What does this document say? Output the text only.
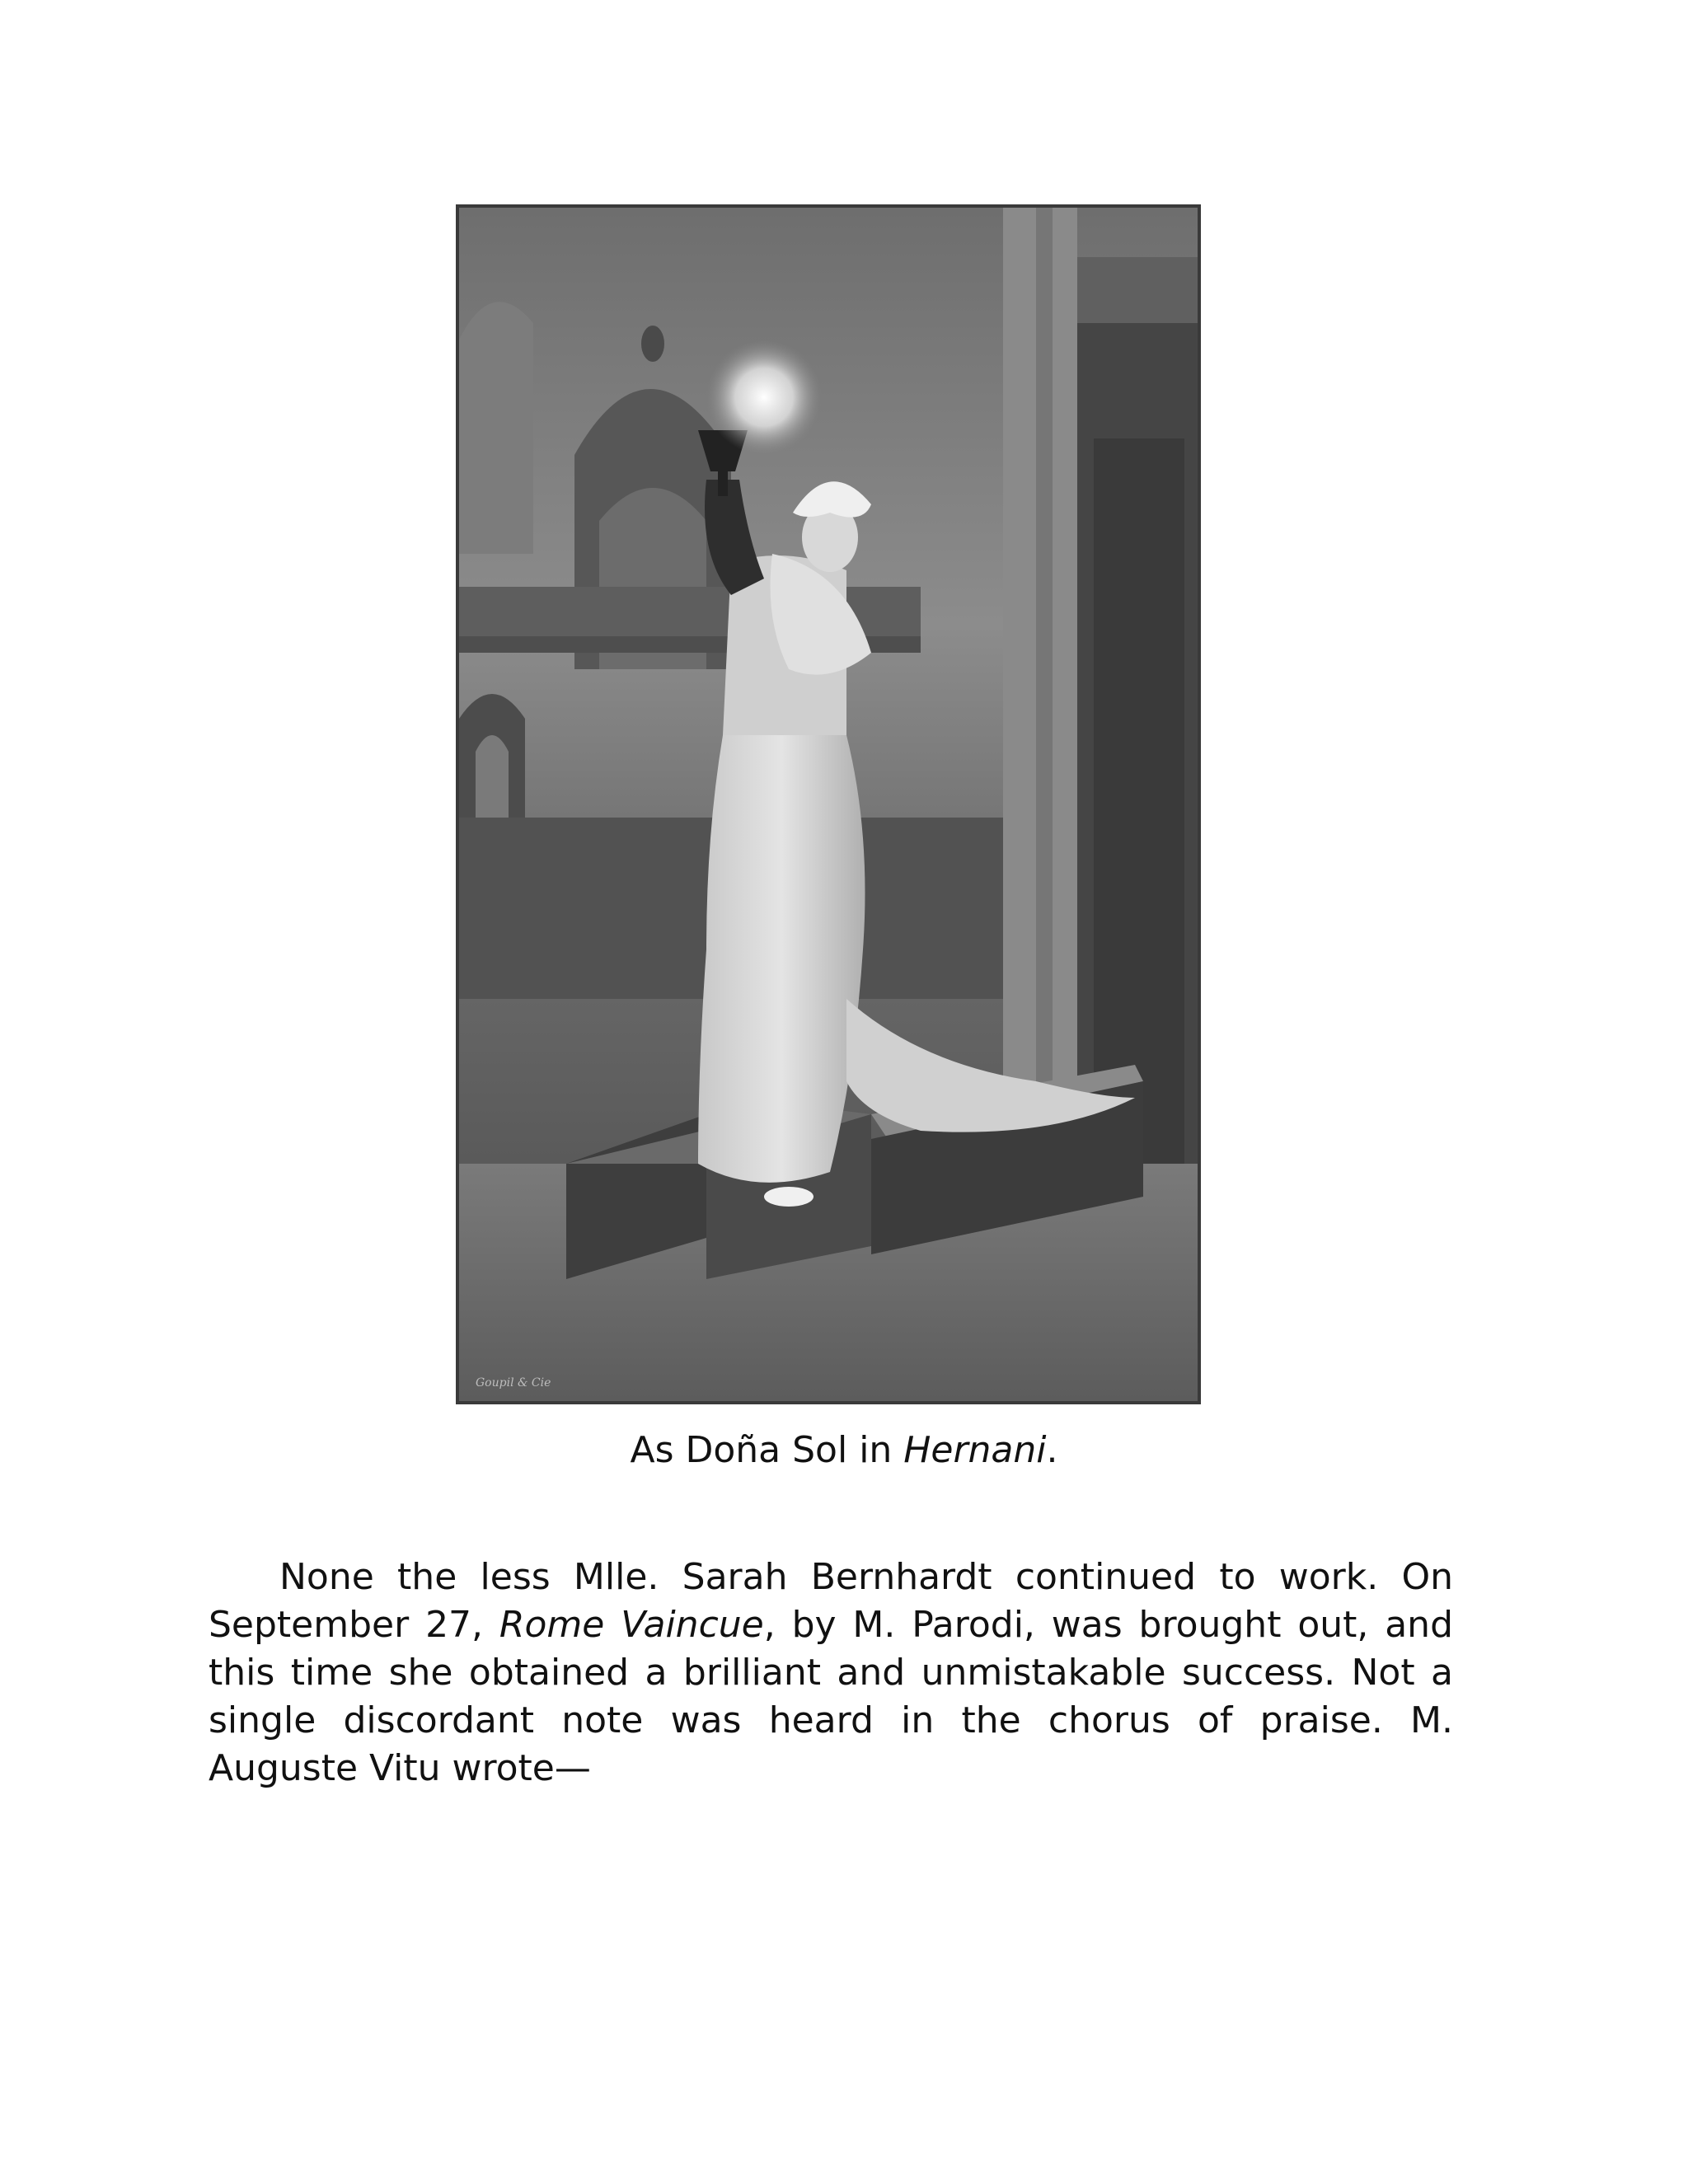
Goupil & Cie
As Doña Sol in Hernani.

None the less Mlle. Sarah Bernhardt continued to work. On September 27, Rome Vaincue, by M. Parodi, was brought out, and this time she obtained a brilliant and unmistakable success. Not a single discordant note was heard in the chorus of praise. M. Auguste Vitu wrote—
